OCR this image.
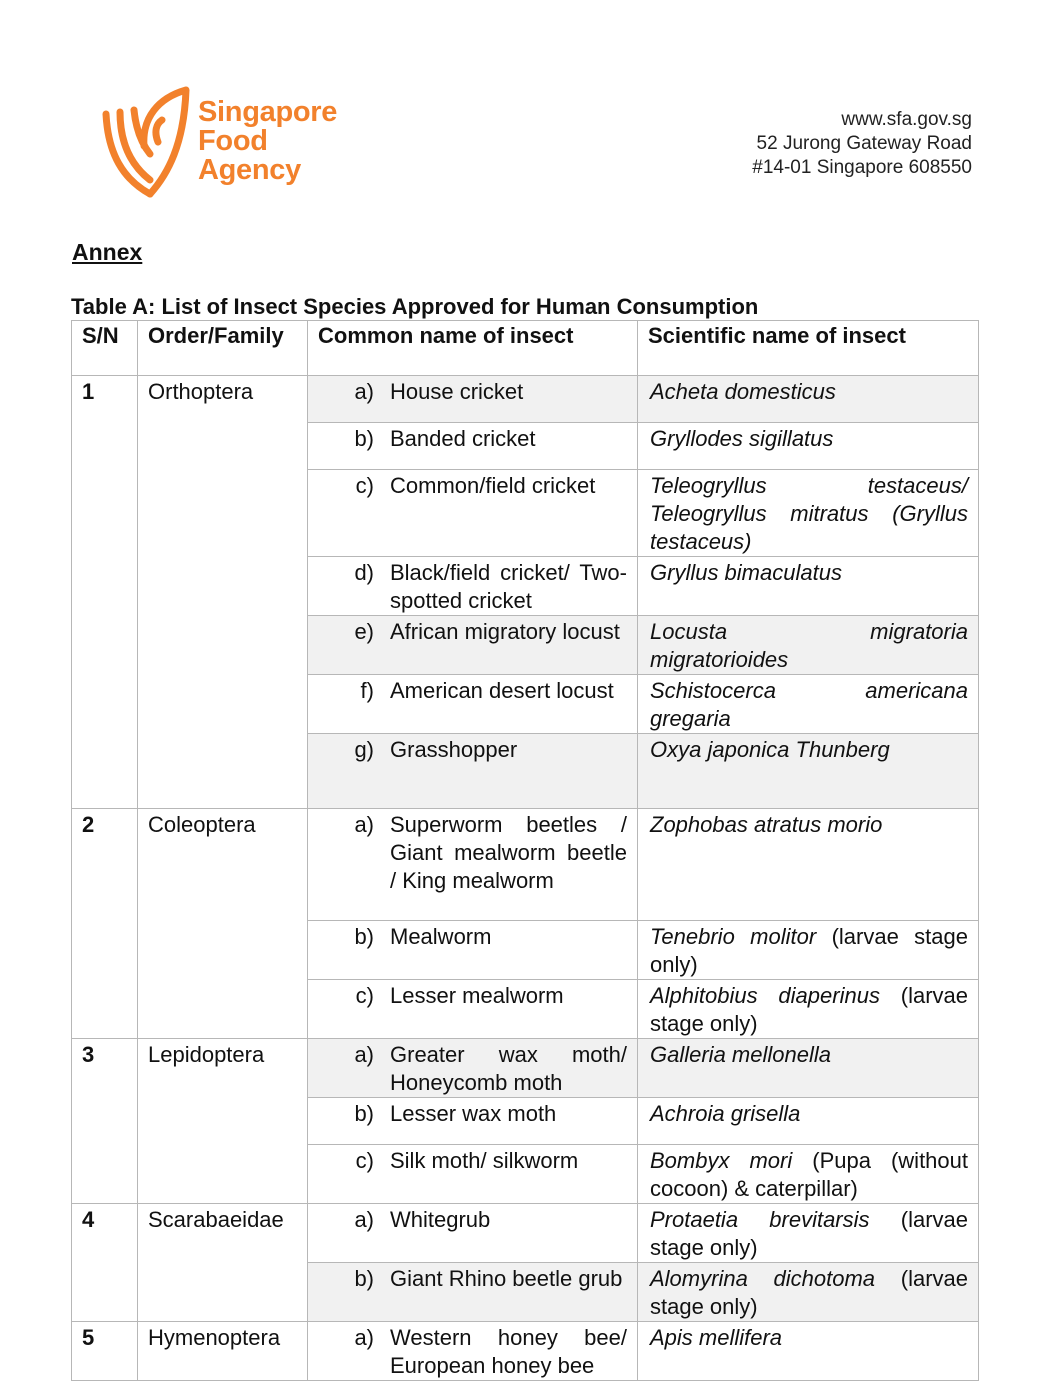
Singapore
Food
Agency
www.sfa.gov.sg
52 Jurong Gateway Road
#14-01 Singapore 608550
Annex
Table A: List of Insect Species Approved for Human Consumption
S/N	Order/Family	Common name of insect	Scientific name of insect
1	Orthoptera	a) House cricket	Acheta domesticus

		b) Banded cricket	Gryllodes sigillatus

		c) Common/field cricket	Teleogryllus testaceus/ Teleogryllus mitratus (Gryllus testaceus)

		d) Black/field cricket/ Two-spotted cricket	Gryllus bimaculatus

		e) African migratory locust	Locusta migratoria migratorioides

		f) American desert locust	Schistocerca americana gregaria

		g) Grasshopper	Oxya japonica Thunberg
2	Coleoptera	a) Superworm beetles / Giant mealworm beetle / King mealworm	Zophobas atratus morio

		b) Mealworm	Tenebrio molitor (larvae stage only)

		c) Lesser mealworm	Alphitobius diaperinus (larvae stage only)
3	Lepidoptera	a) Greater wax moth/ Honeycomb moth	Galleria mellonella

		b) Lesser wax moth	Achroia grisella

		c) Silk moth/ silkworm	Bombyx mori (Pupa (without cocoon) & caterpillar)
4	Scarabaeidae	a) Whitegrub	Protaetia brevitarsis (larvae stage only)

		b) Giant Rhino beetle grub	Alomyrina dichotoma (larvae stage only)
5	Hymenoptera	a) Western honey bee/ European honey bee	Apis mellifera
